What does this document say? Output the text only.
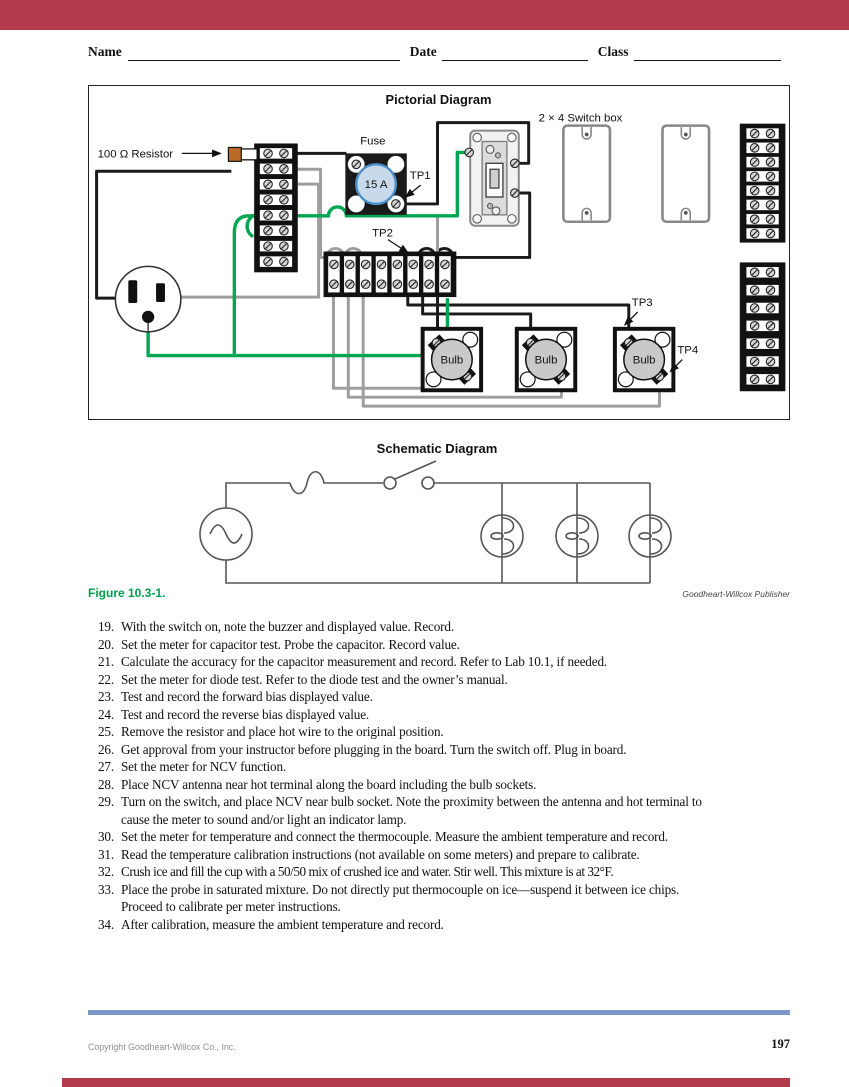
Name	Date	Class
Pictorial Diagram
100 Ω Resistor
15 A
Fuse
TP1
2 × 4 Switch box
TP2
Bulb	Bulb	Bulb
TP3
TP4
Schematic Diagram
Figure 10.3-1.	Goodheart-Willcox Publisher
19. With the switch on, note the buzzer and displayed value. Record.
20. Set the meter for capacitor test. Probe the capacitor. Record value.
21. Calculate the accuracy for the capacitor measurement and record. Refer to Lab 10.1, if needed.
22. Set the meter for diode test. Refer to the diode test and the owner’s manual.
23. Test and record the forward bias displayed value.
24. Test and record the reverse bias displayed value.
25. Remove the resistor and place hot wire to the original position.
26. Get approval from your instructor before plugging in the board. Turn the switch off. Plug in board.
27. Set the meter for NCV function.
28. Place NCV antenna near hot terminal along the board including the bulb sockets.
29. Turn on the switch, and place NCV near bulb socket. Note the proximity between the antenna and hot terminal to cause the meter to sound and/or light an indicator lamp.
30. Set the meter for temperature and connect the thermocouple. Measure the ambient temperature and record.
31. Read the temperature calibration instructions (not available on some meters) and prepare to calibrate.
32. Crush ice and fill the cup with a 50/50 mix of crushed ice and water. Stir well. This mixture is at 32°F.
33. Place the probe in saturated mixture. Do not directly put thermocouple on ice—suspend it between ice chips. Proceed to calibrate per meter instructions.
34. After calibration, measure the ambient temperature and record.
Copyright Goodheart-Willcox Co., Inc.	197
